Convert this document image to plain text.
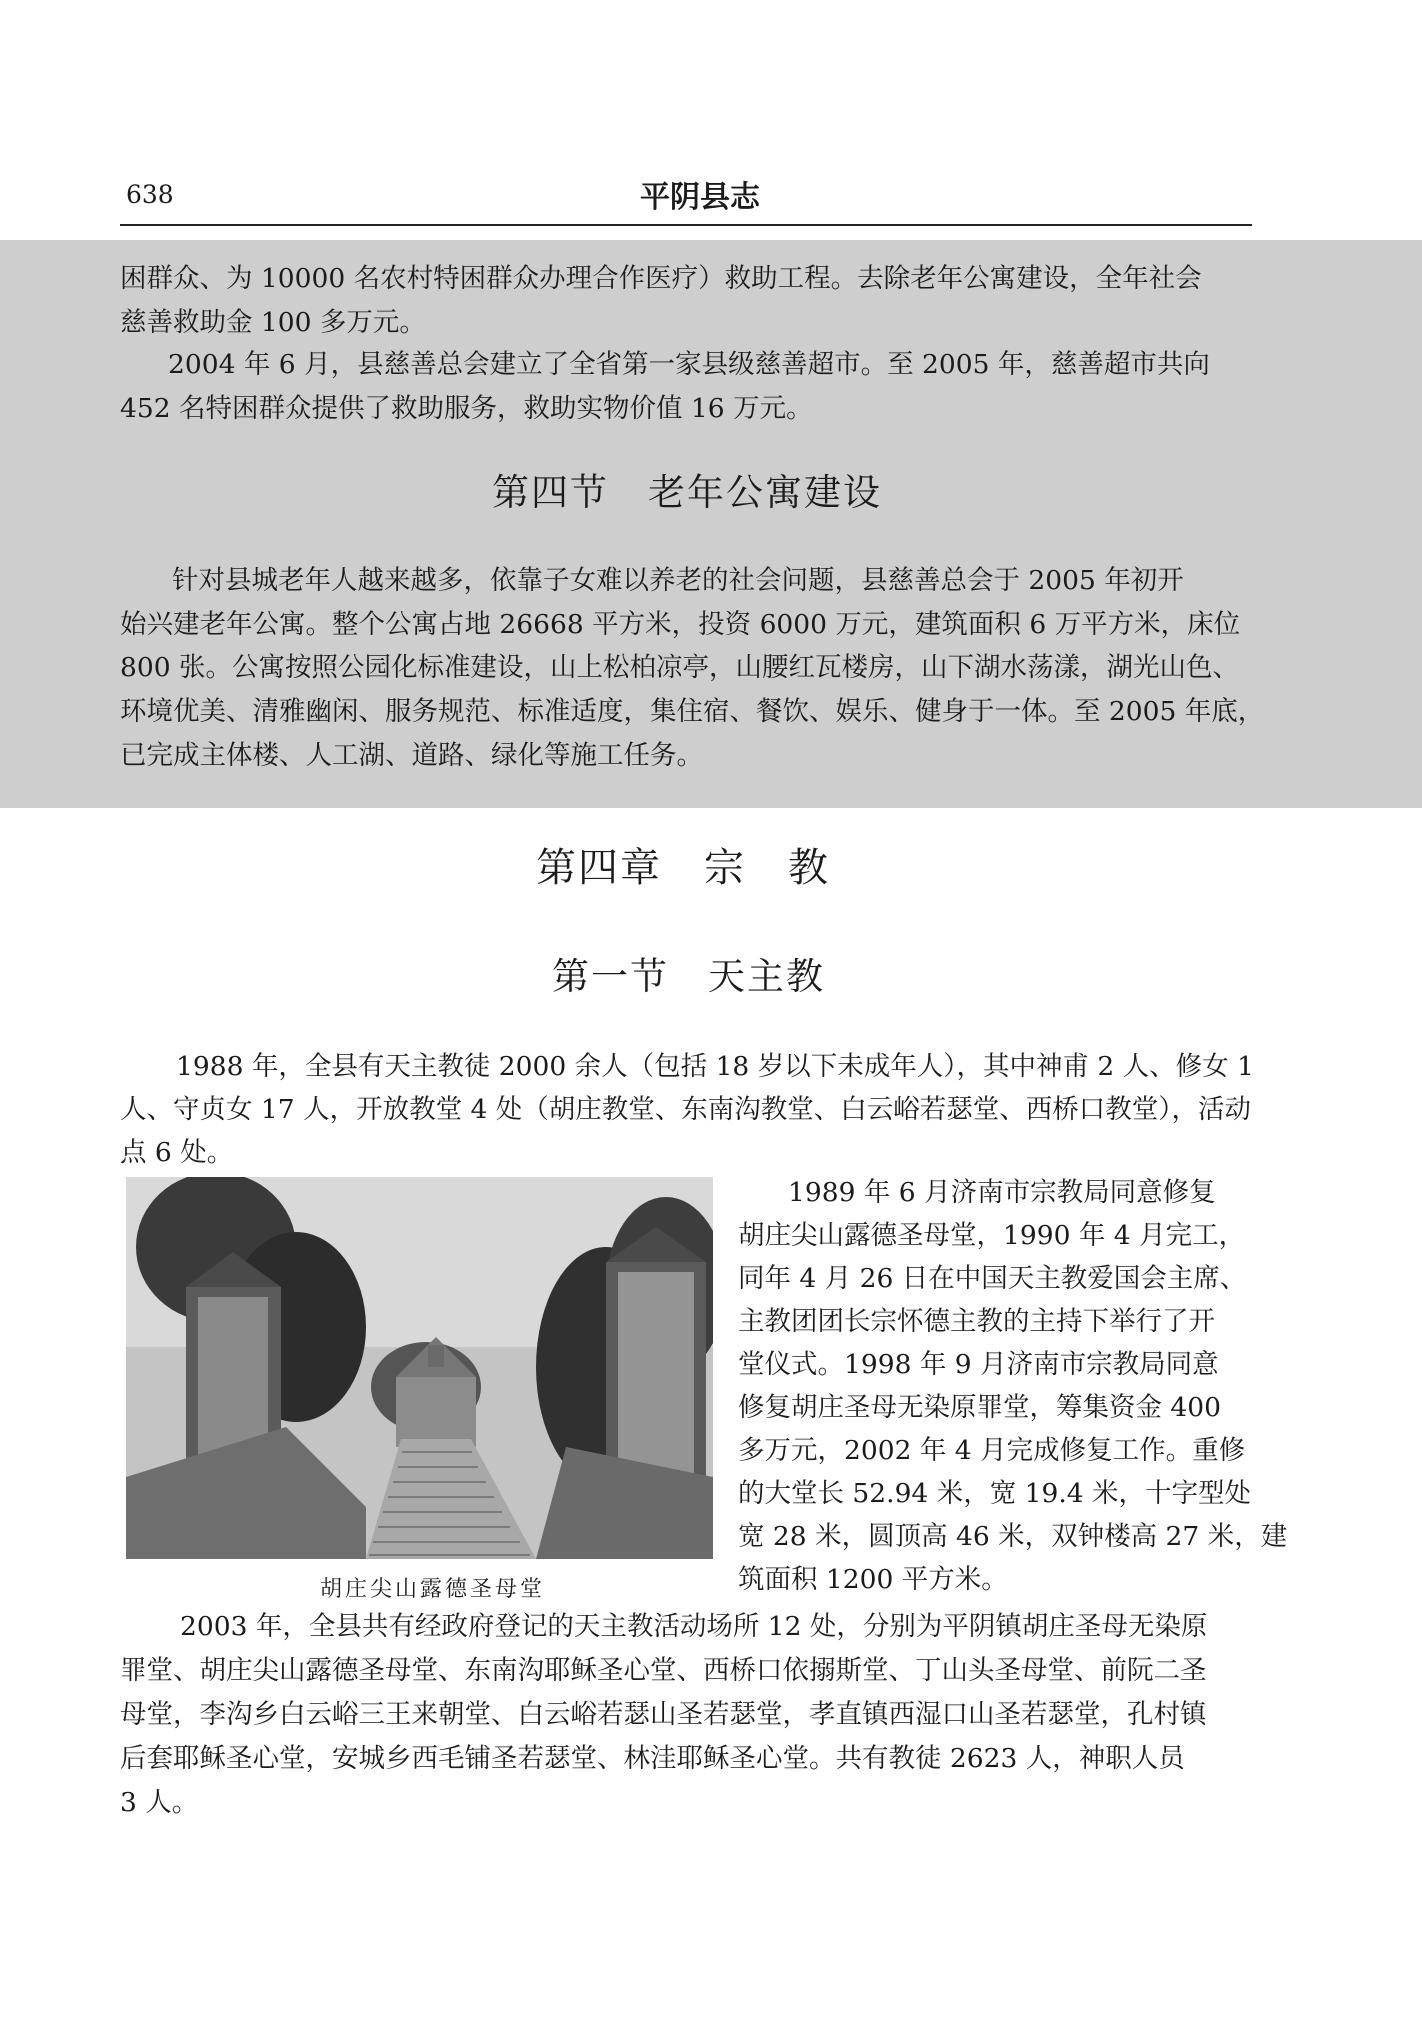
638	平阴县志
困群众、为 10000 名农村特困群众办理合作医疗）救助工程。去除老年公寓建设，全年社会
慈善救助金 100 多万元。
2004 年 6 月，县慈善总会建立了全省第一家县级慈善超市。至 2005 年，慈善超市共向
452 名特困群众提供了救助服务，救助实物价值 16 万元。
第四节　老年公寓建设
针对县城老年人越来越多，依靠子女难以养老的社会问题，县慈善总会于 2005 年初开
始兴建老年公寓。整个公寓占地 26668 平方米，投资 6000 万元，建筑面积 6 万平方米，床位
800 张。公寓按照公园化标准建设，山上松柏凉亭，山腰红瓦楼房，山下湖水荡漾，湖光山色、
环境优美、清雅幽闲、服务规范、标准适度，集住宿、餐饮、娱乐、健身于一体。至 2005 年底，
已完成主体楼、人工湖、道路、绿化等施工任务。
第四章　宗　教
第一节　天主教
1988 年，全县有天主教徒 2000 余人（包括 18 岁以下未成年人），其中神甫 2 人、修女 1
人、守贞女 17 人，开放教堂 4 处（胡庄教堂、东南沟教堂、白云峪若瑟堂、西桥口教堂），活动
点 6 处。
胡庄尖山露德圣母堂
1989 年 6 月济南市宗教局同意修复
胡庄尖山露德圣母堂，1990 年 4 月完工，
同年 4 月 26 日在中国天主教爱国会主席、
主教团团长宗怀德主教的主持下举行了开
堂仪式。1998 年 9 月济南市宗教局同意
修复胡庄圣母无染原罪堂，筹集资金 400
多万元，2002 年 4 月完成修复工作。重修
的大堂长 52.94 米，宽 19.4 米，十字型处
宽 28 米，圆顶高 46 米，双钟楼高 27 米，建
筑面积 1200 平方米。
2003 年，全县共有经政府登记的天主教活动场所 12 处，分别为平阴镇胡庄圣母无染原
罪堂、胡庄尖山露德圣母堂、东南沟耶稣圣心堂、西桥口依搦斯堂、丁山头圣母堂、前阮二圣
母堂，李沟乡白云峪三王来朝堂、白云峪若瑟山圣若瑟堂，孝直镇西湿口山圣若瑟堂，孔村镇
后套耶稣圣心堂，安城乡西毛铺圣若瑟堂、林洼耶稣圣心堂。共有教徒 2623 人，神职人员
3 人。
